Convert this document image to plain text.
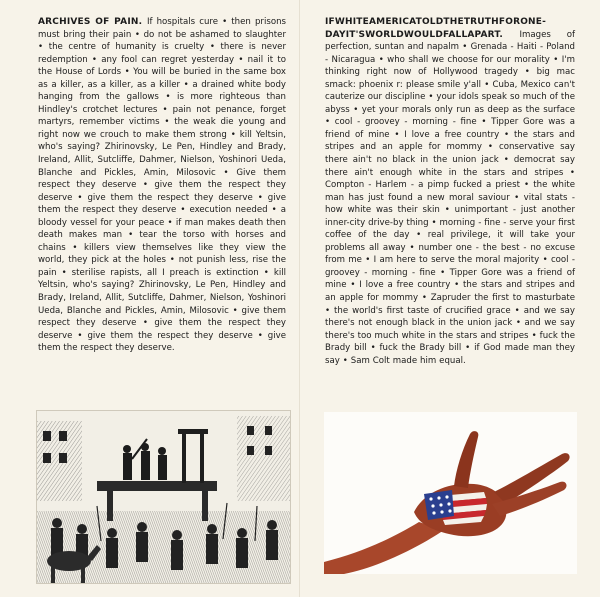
ARCHIVES OF PAIN. If hospitals cure • then prisons must bring their pain • do not be ashamed to slaughter • the centre of humanity is cruelty • there is never redemption • any fool can regret yesterday • nail it to the House of Lords • You will be buried in the same box as a killer, as a killer, as a killer • a drained white body hanging from the gallows • is more righteous than Hindley's crotchet lectures • pain not penance, forget martyrs, remember victims • the weak die young and right now we crouch to make them strong • kill Yeltsin, who's saying? Zhirinovsky, Le Pen, Hindley and Brady, Ireland, Allit, Sutcliffe, Dahmer, Nielson, Yoshinori Ueda, Blanche and Pickles, Amin, Milosovic • Give them respect they deserve • give them the respect they deserve • give them the respect they deserve • give them the respect they deserve • execution needed • a bloody vessel for your peace • if man makes death then death makes man • tear the torso with horses and chains • killers view themselves like they view the world, they pick at the holes • not punish less, rise the pain • sterilise rapists, all I preach is extinction • kill Yeltsin, who's saying? Zhirinovsky, Le Pen, Hindley and Brady, Ireland, Allit, Sutcliffe, Dahmer, Nielson, Yoshinori Ueda, Blanche and Pickles, Amin, Milosovic • give them respect they deserve • give them the respect they deserve • give them the respect they deserve • give them the respect they deserve.
IFWHITEAMERICATOLDTHETRUTHFORONE-DAYIT'SWORLDWOULDFALLAPART. Images of perfection, suntan and napalm • Grenada - Haiti - Poland - Nicaragua • who shall we choose for our morality • I'm thinking right now of Hollywood tragedy • big mac smack: phoenix r: please smile y'all • Cuba, Mexico can't cauterize our discipline • your idols speak so much of the abyss • yet your morals only run as deep as the surface • cool - groovey - morning - fine • Tipper Gore was a friend of mine • I love a free country • the stars and stripes and an apple for mommy • conservative say there ain't no black in the union jack • democrat say there ain't enough white in the stars and stripes • Compton - Harlem - a pimp fucked a priest • the white man has just found a new moral saviour • vital stats - how white was their skin • unimportant - just another inner-city drive-by thing • morning - fine - serve your first coffee of the day • real privilege, it will take your problems all away • number one - the best - no excuse from me • I am here to serve the moral majority • cool - groovey - morning - fine • Tipper Gore was a friend of mine • I love a free country • the stars and stripes and an apple for mommy • Zapruder the first to masturbate • the world's first taste of crucified grace • and we say there's not enough black in the union jack • and we say there's too much white in the stars and stripes • fuck the Brady bill • fuck the Brady bill • if God made man they say • Sam Colt made him equal.
